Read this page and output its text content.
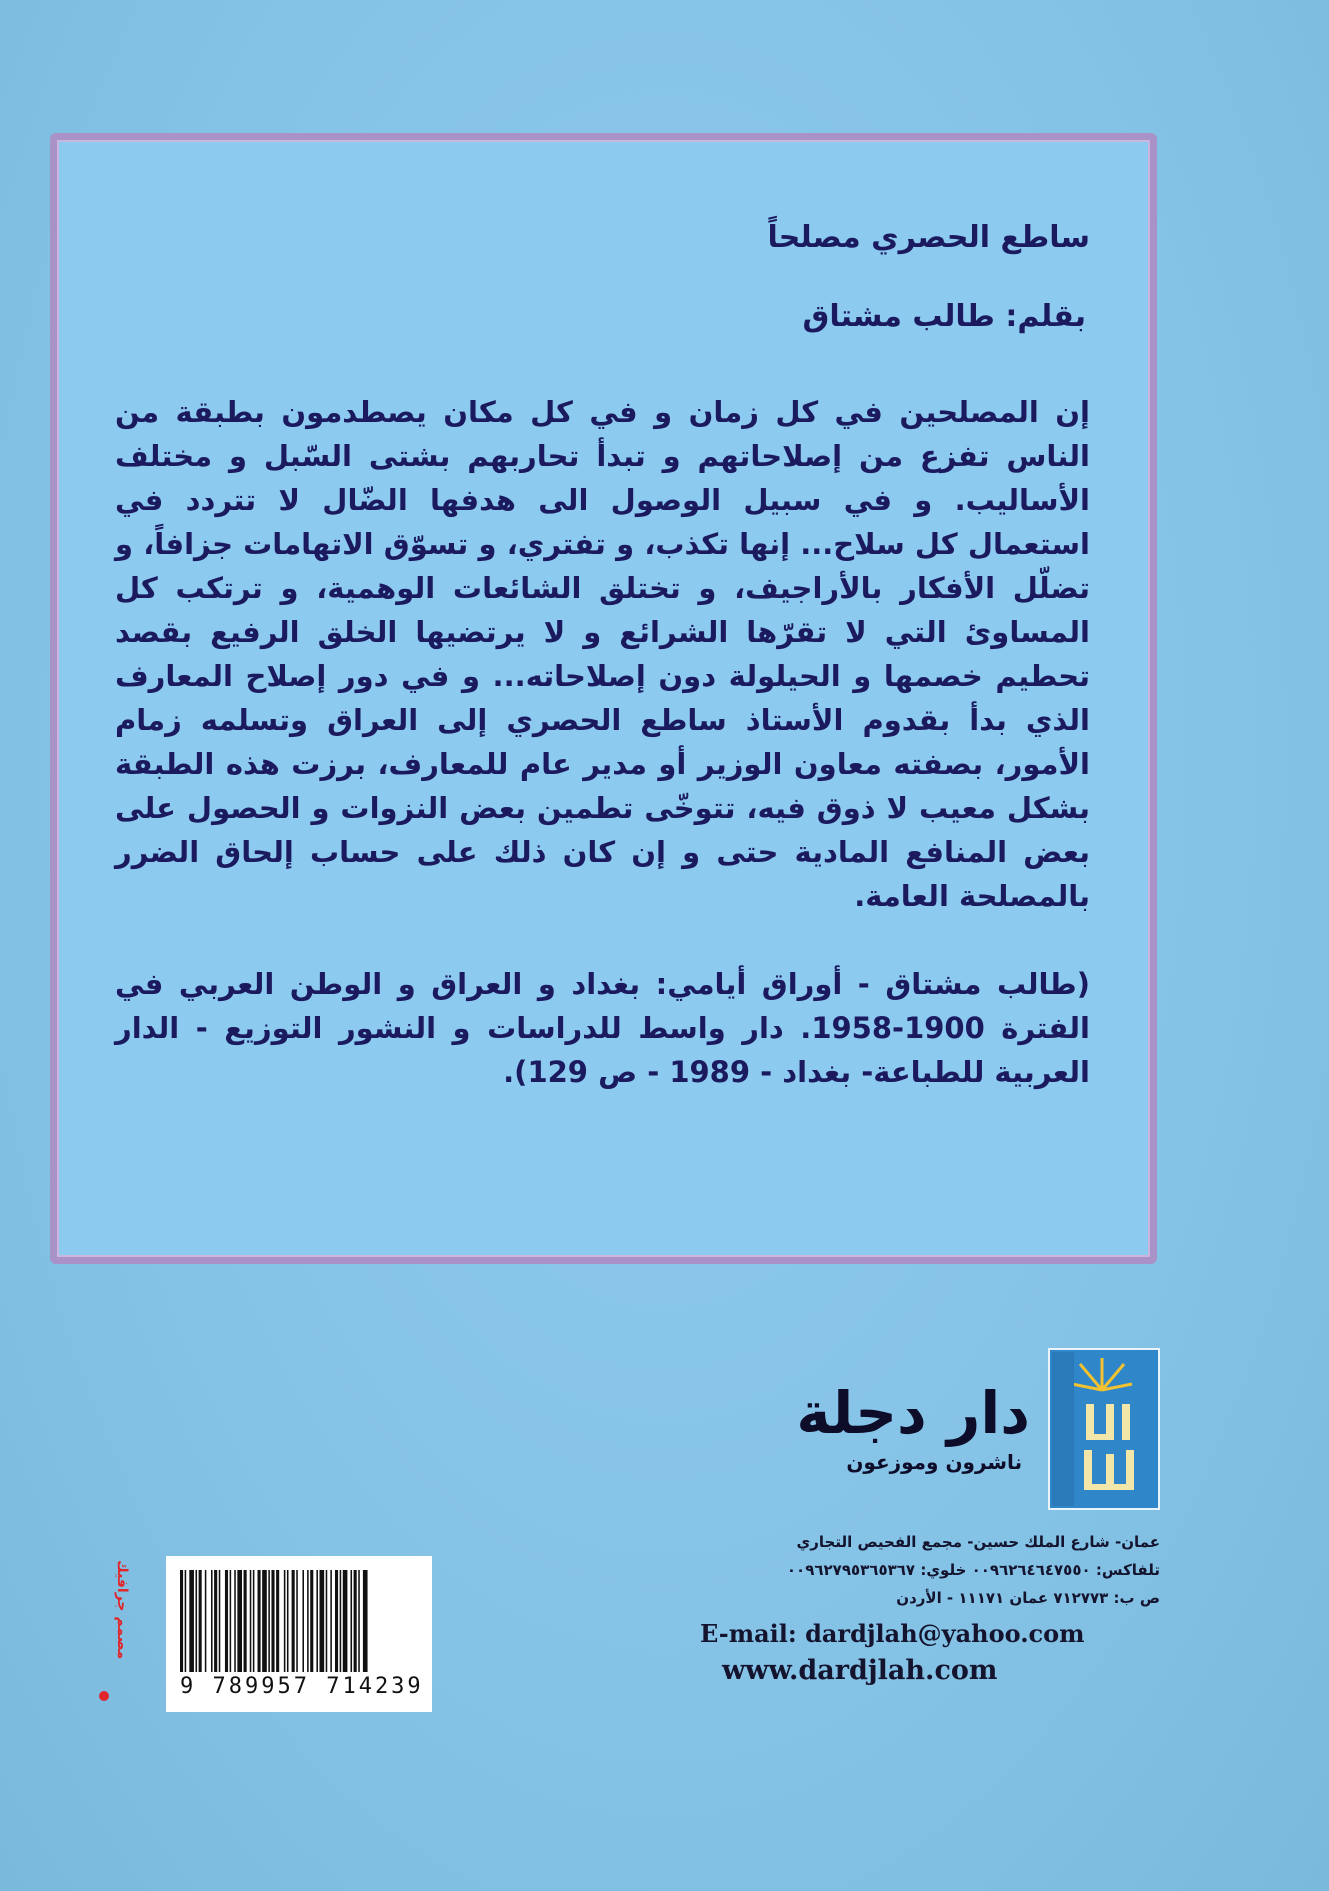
ساطع الحصري مصلحاً
بقلم: طالب مشتاق

إن المصلحين في كل زمان و في كل مكان يصطدمون بطبقة من الناس تفزع من إصلاحاتهم و تبدأ تحاربهم بشتى السّبل و مختلف الأساليب. و في سبيل الوصول الى هدفها الضّال لا تتردد في استعمال كل سلاح... إنها تكذب، و تفتري، و تسوّق الاتهامات جزافاً، و تضلّل الأفكار بالأراجيف، و تختلق الشائعات الوهمية، و ترتكب كل المساوئ التي لا تقرّها الشرائع و لا يرتضيها الخلق الرفيع بقصد تحطيم خصمها و الحيلولة دون إصلاحاته... و في دور إصلاح المعارف الذي بدأ بقدوم الأستاذ ساطع الحصري إلى العراق وتسلمه زمام الأمور، بصفته معاون الوزير أو مدير عام للمعارف، برزت هذه الطبقة بشكل معيب لا ذوق فيه، تتوخّى تطمين بعض النزوات و الحصول على بعض المنافع المادية حتى و إن كان ذلك على حساب إلحاق الضرر بالمصلحة العامة.

(طالب مشتاق - أوراق أيامي: بغداد و العراق و الوطن العربي في الفترة 1900-1958. دار واسط للدراسات و النشور التوزيع - الدار العربية للطباعة- بغداد - 1989 - ص 129).

دار دجلة
ناشرون وموزعون
عمان- شارع الملك حسين- مجمع الفحيص التجاري
تلفاكس: ٠٠٩٦٢٦٤٦٤٧٥٥٠ خلوي: ٠٠٩٦٢٧٩٥٣٦٥٣٦٧
ص ب: ٧١٢٧٧٣ عمان ١١١٧١ - الأردن
E-mail: dardjlah@yahoo.com
www.dardjlah.com
9 789957 714239
مصمم جرافيك
